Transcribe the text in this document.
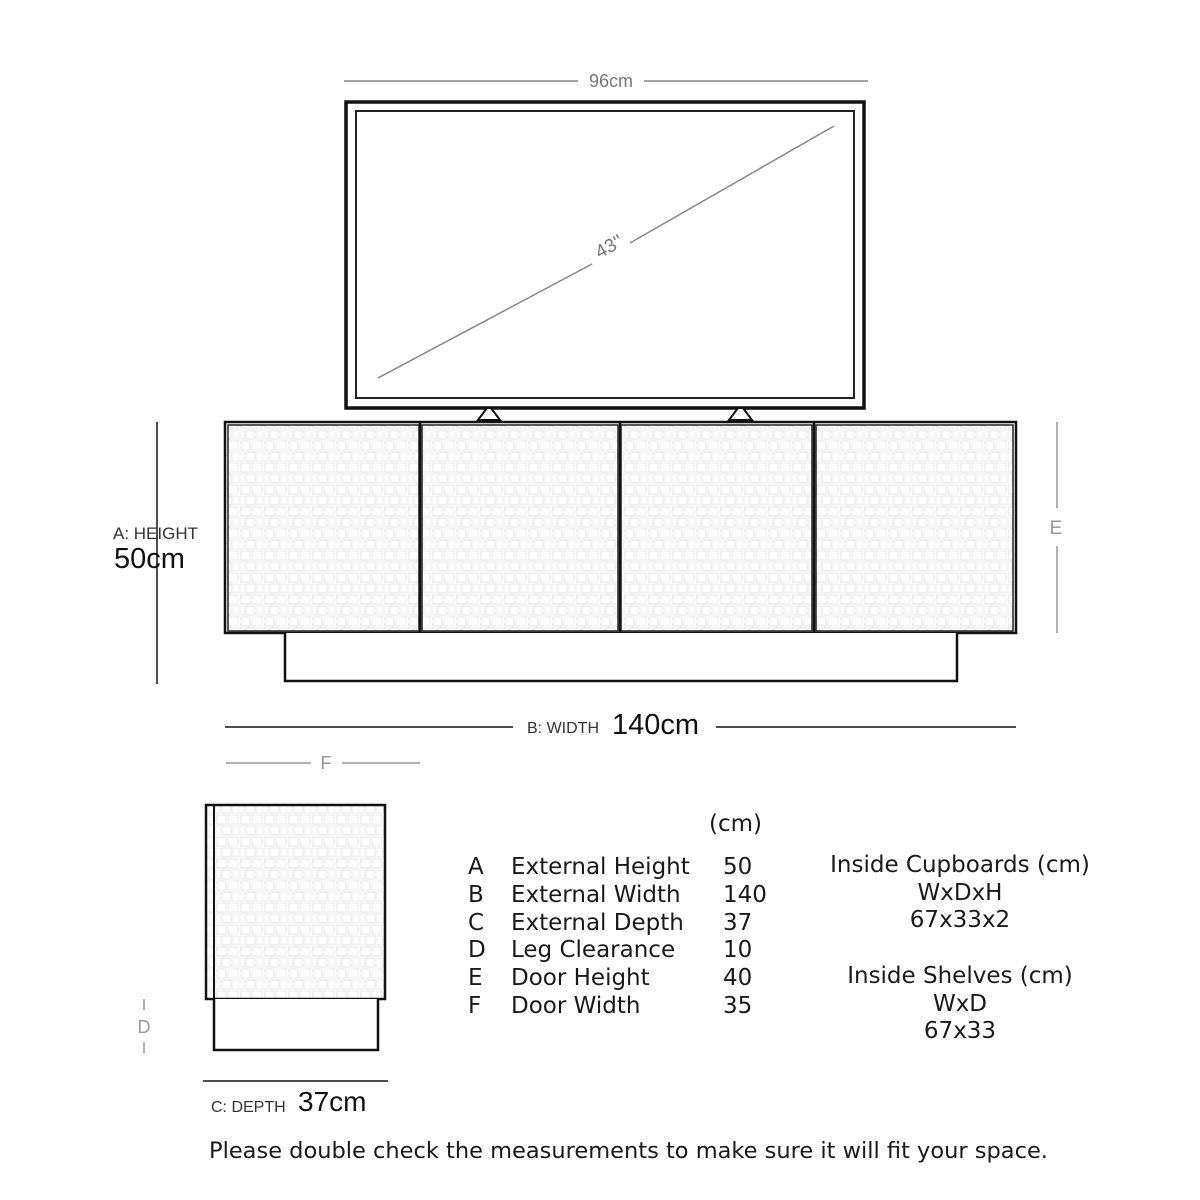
96cm
43''
A: HEIGHT
50cm
E
B: WIDTH 140cm
F
D
C: DEPTH 37cm
(cm)
A External Height 50
B External Width 140
C External Depth 37
D Leg Clearance 10
E Door Height	40
F Door Width	35
Inside Cupboards (cm)
WxDxH
67x33x2
Inside Shelves (cm)
WxD
67x33
Please double check the measurements to make sure it will fit your space.
